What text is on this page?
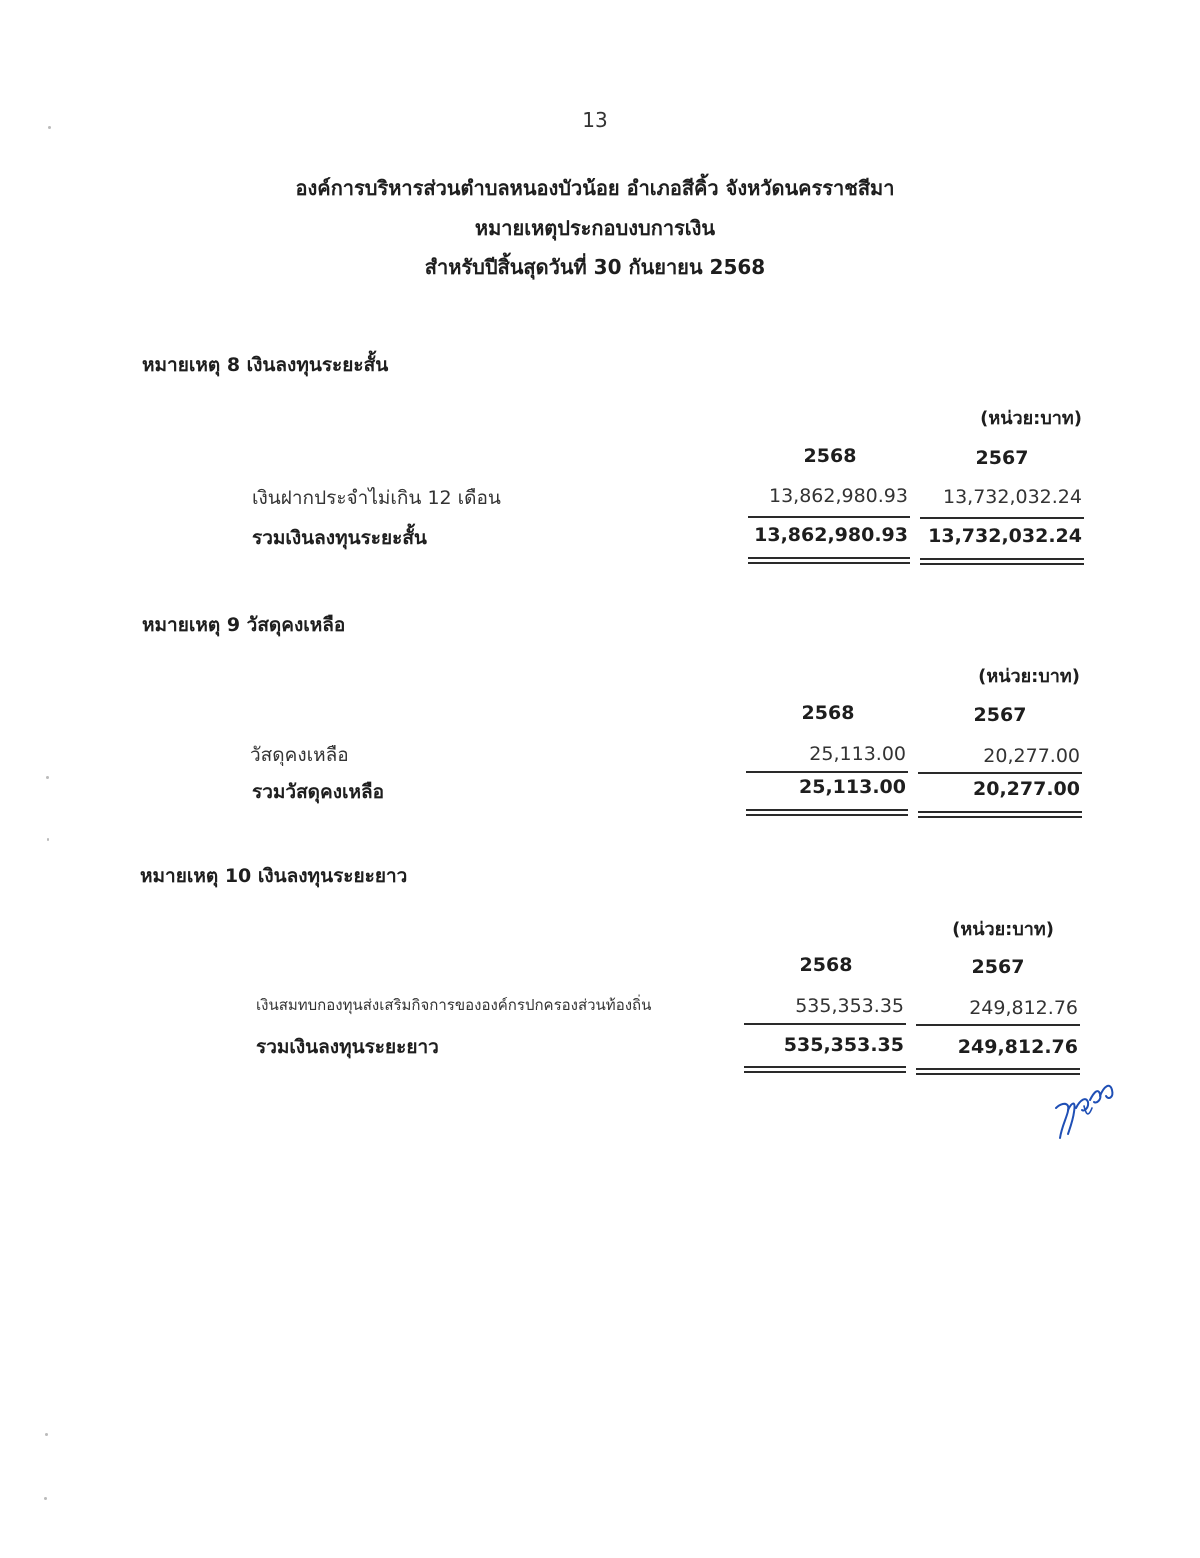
13
องค์การบริหารส่วนตำบลหนองบัวน้อย อำเภอสีคิ้ว จังหวัดนครราชสีมา
หมายเหตุประกอบงบการเงิน
สำหรับปีสิ้นสุดวันที่ 30 กันยายน 2568
หมายเหตุ 8 เงินลงทุนระยะสั้น
(หน่วย:บาท)
2568	2567
เงินฝากประจำไม่เกิน 12 เดือน	13,862,980.93	13,732,032.24
รวมเงินลงทุนระยะสั้น	13,862,980.93	13,732,032.24
หมายเหตุ 9 วัสดุคงเหลือ
(หน่วย:บาท)
2568	2567
วัสดุคงเหลือ	25,113.00	20,277.00
รวมวัสดุคงเหลือ	25,113.00	20,277.00
หมายเหตุ 10 เงินลงทุนระยะยาว
(หน่วย:บาท)
2568	2567
เงินสมทบกองทุนส่งเสริมกิจการขององค์กรปกครองส่วนท้องถิ่น	535,353.35	249,812.76
รวมเงินลงทุนระยะยาว	535,353.35	249,812.76
